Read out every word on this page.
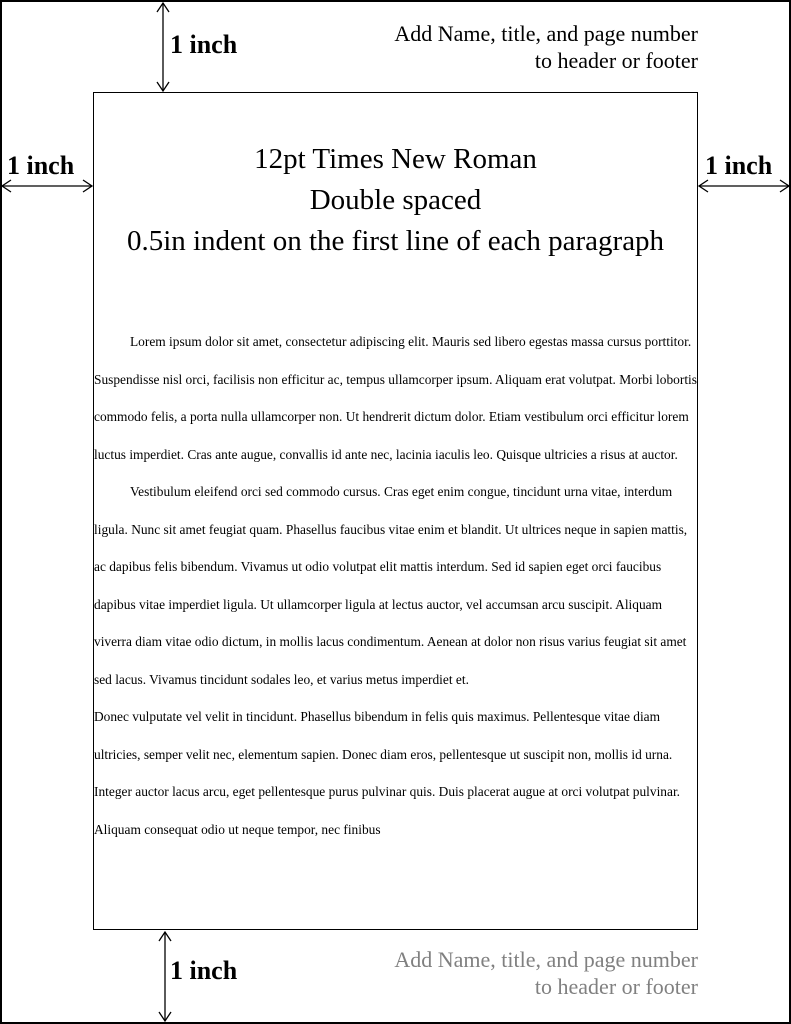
1 inch
1 inch	1 inch
1 inch
Add Name, title, and page number
to header or footer
12pt Times New Roman
Double spaced
0.5in indent on the first line of each paragraph

Lorem ipsum dolor sit amet, consectetur adipiscing elit. Mauris sed libero egestas massa cursus porttitor. Suspendisse nisl orci, facilisis non efficitur ac, tempus ullamcorper ipsum. Aliquam erat volutpat. Morbi lobortis commodo felis, a porta nulla ullamcorper non. Ut hendrerit dictum dolor. Etiam vestibulum orci efficitur lorem luctus imperdiet. Cras ante augue, convallis id ante nec, lacinia iaculis leo. Quisque ultricies a risus at auctor.

Vestibulum eleifend orci sed commodo cursus. Cras eget enim congue, tincidunt urna vitae, interdum ligula. Nunc sit amet feugiat quam. Phasellus faucibus vitae enim et blandit. Ut ultrices neque in sapien mattis, ac dapibus felis bibendum. Vivamus ut odio volutpat elit mattis interdum. Sed id sapien eget orci faucibus dapibus vitae imperdiet ligula. Ut ullamcorper ligula at lectus auctor, vel accumsan arcu suscipit. Aliquam viverra diam vitae odio dictum, in mollis lacus condimentum. Aenean at dolor non risus varius feugiat sit amet sed lacus. Vivamus tincidunt sodales leo, et varius metus imperdiet et.

Donec vulputate vel velit in tincidunt. Phasellus bibendum in felis quis maximus. Pellentesque vitae diam ultricies, semper velit nec, elementum sapien. Donec diam eros, pellentesque ut suscipit non, mollis id urna. Integer auctor lacus arcu, eget pellentesque purus pulvinar quis. Duis placerat augue at orci volutpat pulvinar. Aliquam consequat odio ut neque tempor, nec finibus

Add Name, title, and page number
to header or footer
